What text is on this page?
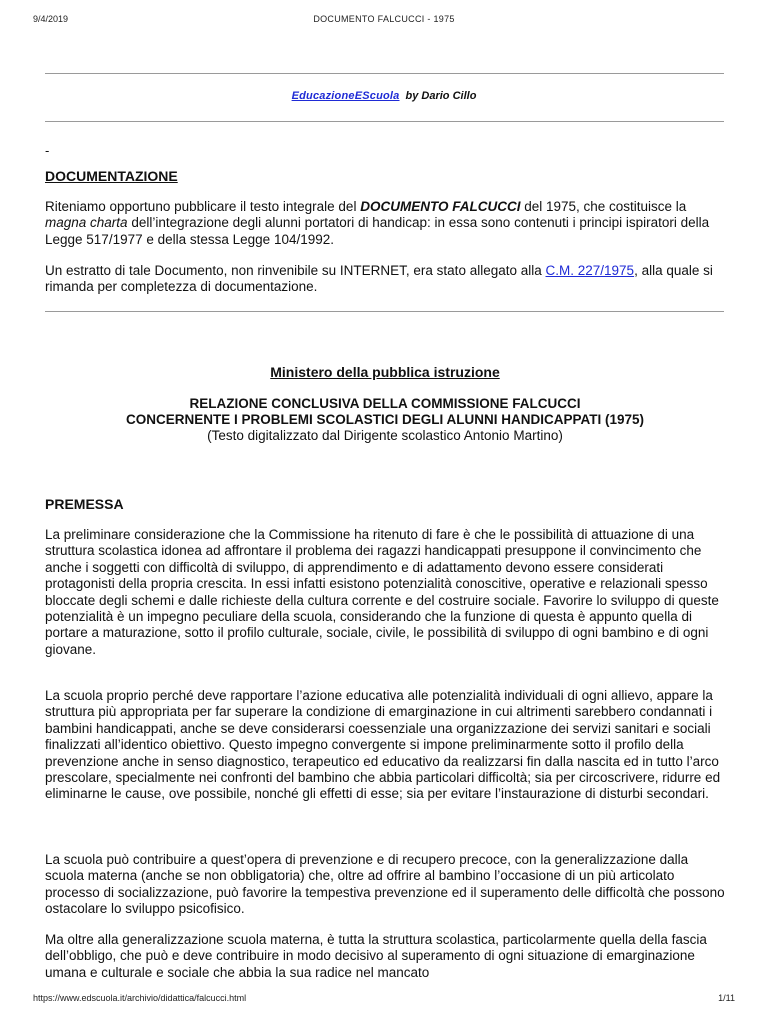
9/4/2019	DOCUMENTO FALCUCCI - 1975
EducazioneEScuola by Dario Cillo
-
DOCUMENTAZIONE

Riteniamo opportuno pubblicare il testo integrale del DOCUMENTO FALCUCCI del 1975, che costituisce la magna charta dell’integrazione degli alunni portatori di handicap: in essa sono contenuti i principi ispiratori della Legge 517/1977 e della stessa Legge 104/1992.

Un estratto di tale Documento, non rinvenibile su INTERNET, era stato allegato alla C.M. 227/1975, alla quale si rimanda per completezza di documentazione.

Ministero della pubblica istruzione
RELAZIONE CONCLUSIVA DELLA COMMISSIONE FALCUCCI
CONCERNENTE I PROBLEMI SCOLASTICI DEGLI ALUNNI HANDICAPPATI (1975)
(Testo digitalizzato dal Dirigente scolastico Antonio Martino)
PREMESSA

La preliminare considerazione che la Commissione ha ritenuto di fare è che le possibilità di attuazione di una struttura scolastica idonea ad affrontare il problema dei ragazzi handicappati presuppone il convincimento che anche i soggetti con difficoltà di sviluppo, di apprendimento e di adattamento devono essere considerati protagonisti della propria crescita. In essi infatti esistono potenzialità conoscitive, operative e relazionali spesso bloccate degli schemi e dalle richieste della cultura corrente e del costruire sociale. Favorire lo sviluppo di queste potenzialità è un impegno peculiare della scuola, considerando che la funzione di questa è appunto quella di portare a maturazione, sotto il profilo culturale, sociale, civile, le possibilità di sviluppo di ogni bambino e di ogni giovane.

La scuola proprio perché deve rapportare l’azione educativa alle potenzialità individuali di ogni allievo, appare la struttura più appropriata per far superare la condizione di emarginazione in cui altrimenti sarebbero condannati i bambini handicappati, anche se deve considerarsi coessenziale una organizzazione dei servizi sanitari e sociali finalizzati all’identico obiettivo. Questo impegno convergente si impone preliminarmente sotto il profilo della prevenzione anche in senso diagnostico, terapeutico ed educativo da realizzarsi fin dalla nascita ed in tutto l’arco prescolare, specialmente nei confronti del bambino che abbia particolari difficoltà; sia per circoscrivere, ridurre ed eliminarne le cause, ove possibile, nonché gli effetti di esse; sia per evitare l’instaurazione di disturbi secondari.

La scuola può contribuire a quest’opera di prevenzione e di recupero precoce, con la generalizzazione dalla scuola materna (anche se non obbligatoria) che, oltre ad offrire al bambino l’occasione di un più articolato processo di socializzazione, può favorire la tempestiva prevenzione ed il superamento delle difficoltà che possono ostacolare lo sviluppo psicofisico.

Ma oltre alla generalizzazione scuola materna, è tutta la struttura scolastica, particolarmente quella della fascia dell’obbligo, che può e deve contribuire in modo decisivo al superamento di ogni situazione di emarginazione umana e culturale e sociale che abbia la sua radice nel mancato

https://www.edscuola.it/archivio/didattica/falcucci.html	1/11
